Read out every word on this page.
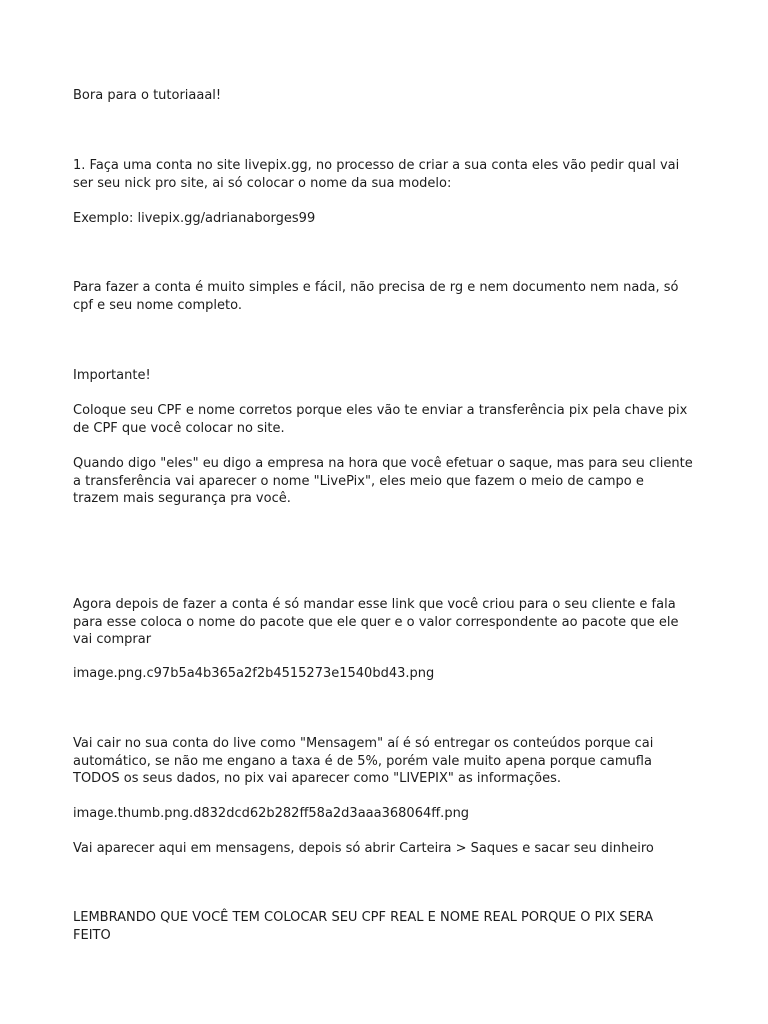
Bora para o tutoriaaal!

1. Faça uma conta no site livepix.gg, no processo de criar a sua conta eles vão pedir qual vai ser seu nick pro site, ai só colocar o nome da sua modelo:

Exemplo: livepix.gg/adrianaborges99

Para fazer a conta é muito simples e fácil, não precisa de rg e nem documento nem nada, só cpf e seu nome completo.

Importante!

Coloque seu CPF e nome corretos porque eles vão te enviar a transferência pix pela chave pix de CPF que você colocar no site.

Quando digo "eles" eu digo a empresa na hora que você efetuar o saque, mas para seu cliente a transferência vai aparecer o nome "LivePix", eles meio que fazem o meio de campo e trazem mais segurança pra você.

Agora depois de fazer a conta é só mandar esse link que você criou para o seu cliente e fala para esse coloca o nome do pacote que ele quer e o valor correspondente ao pacote que ele vai comprar

image.png.c97b5a4b365a2f2b4515273e1540bd43.png

Vai cair no sua conta do live como "Mensagem" aí é só entregar os conteúdos porque cai automático, se não me engano a taxa é de 5%, porém vale muito apena porque camufla TODOS os seus dados, no pix vai aparecer como "LIVEPIX" as informações.

image.thumb.png.d832dcd62b282ff58a2d3aaa368064ff.png

Vai aparecer aqui em mensagens, depois só abrir Carteira > Saques e sacar seu dinheiro

LEMBRANDO QUE VOCÊ TEM COLOCAR SEU CPF REAL E NOME REAL PORQUE O PIX SERA FEITO
